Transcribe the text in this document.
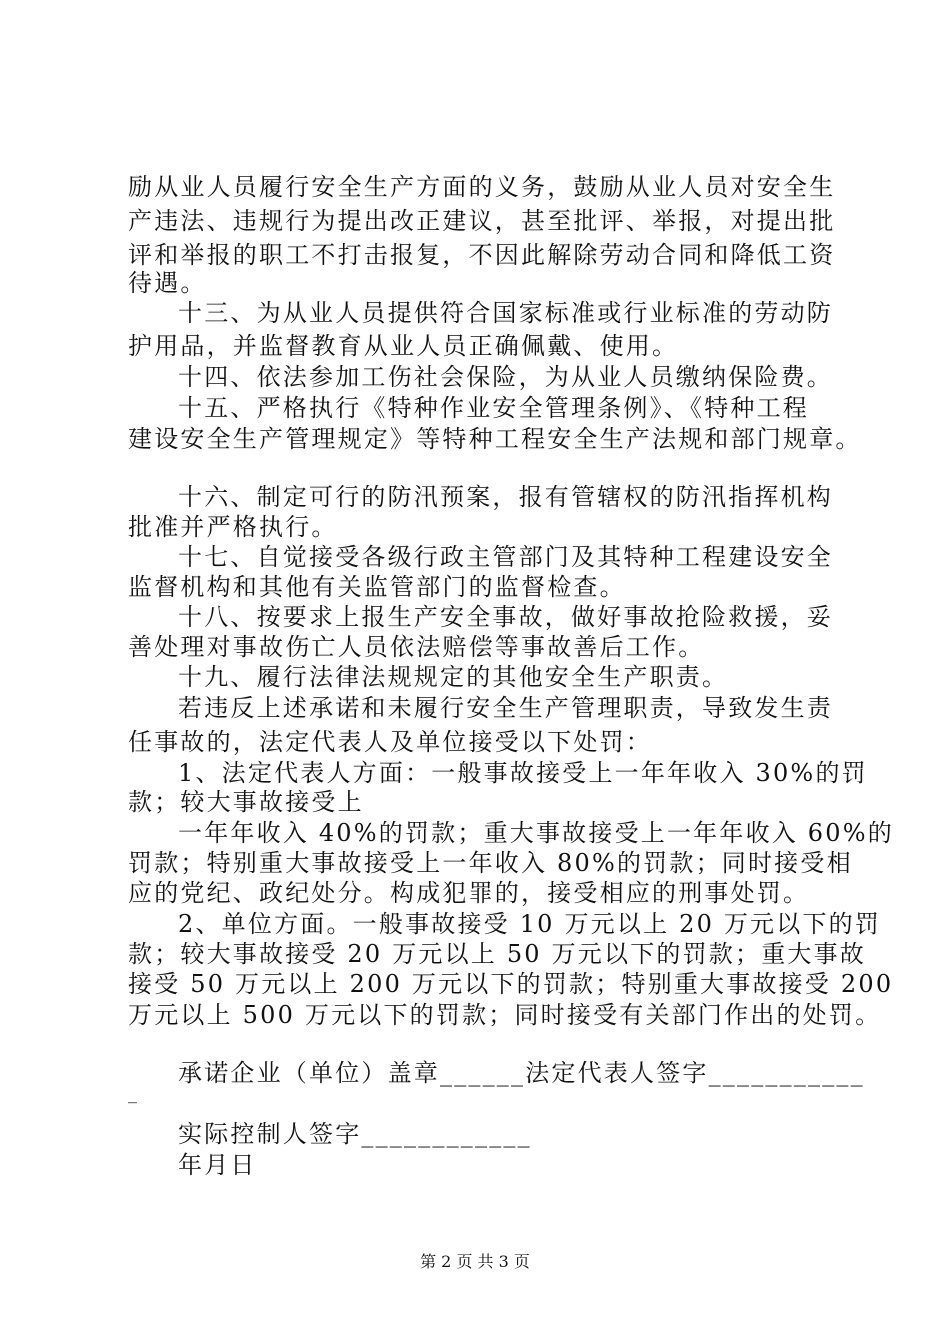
励从业人员履行安全生产方面的义务，鼓励从业人员对安全生
产违法、违规行为提出改正建议，甚至批评、举报，对提出批
评和举报的职工不打击报复，不因此解除劳动合同和降低工资
待遇。
十三、为从业人员提供符合国家标准或行业标准的劳动防
护用品，并监督教育从业人员正确佩戴、使用。
十四、依法参加工伤社会保险，为从业人员缴纳保险费。
十五、严格执行《特种作业安全管理条例》、《特种工程
建设安全生产管理规定》等特种工程安全生产法规和部门规章。
十六、制定可行的防汛预案，报有管辖权的防汛指挥机构
批准并严格执行。
十七、自觉接受各级行政主管部门及其特种工程建设安全
监督机构和其他有关监管部门的监督检查。
十八、按要求上报生产安全事故，做好事故抢险救援，妥
善处理对事故伤亡人员依法赔偿等事故善后工作。
十九、履行法律法规规定的其他安全生产职责。
若违反上述承诺和未履行安全生产管理职责，导致发生责
任事故的，法定代表人及单位接受以下处罚：
1、法定代表人方面：一般事故接受上一年年收入 30%的罚
款；较大事故接受上
一年年收入 40%的罚款；重大事故接受上一年年收入 60%的
罚款；特别重大事故接受上一年收入 80%的罚款；同时接受相
应的党纪、政纪处分。构成犯罪的，接受相应的刑事处罚。
2、单位方面。一般事故接受 10 万元以上 20 万元以下的罚
款；较大事故接受 20 万元以上 50 万元以下的罚款；重大事故
接受 50 万元以上 200 万元以下的罚款；特别重大事故接受 200
万元以上 500 万元以下的罚款；同时接受有关部门作出的处罚。
承诺企业（单位）盖章______法定代表人签字___________
_
实际控制人签字____________
年月日
第 2 页 共 3 页
